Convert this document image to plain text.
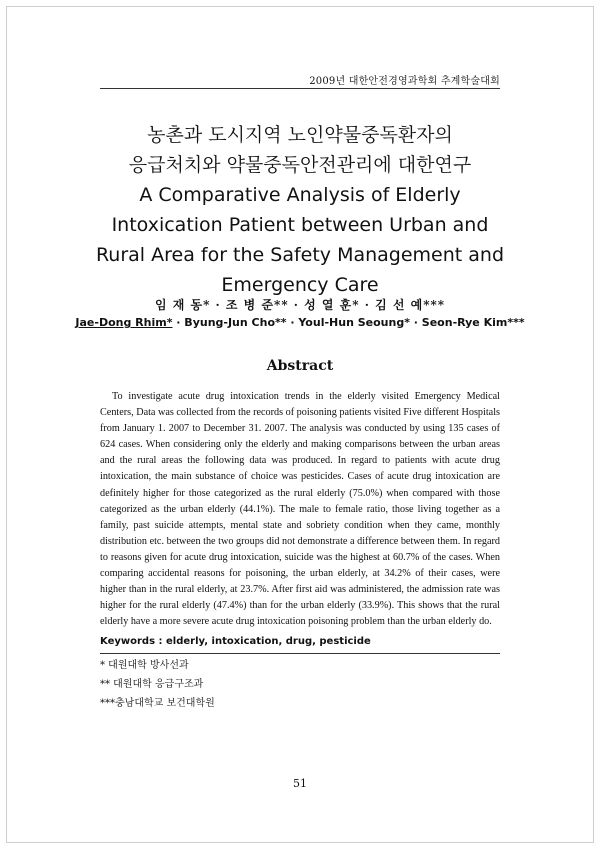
2009년 대한안전경영과학회 추계학술대회

농촌과 도시지역 노인약물중독환자의

응급처치와 약물중독안전관리에 대한연구

A Comparative Analysis of Elderly

Intoxication Patient between Urban and

Rural Area for the Safety Management and

Emergency Care

임 재 동* · 조 병 준** · 성 열 훈* · 김 선 예***
Jae-Dong Rhim* · Byung-Jun Cho** · Youl-Hun Seoung* · Seon-Rye Kim***
Abstract

To investigate acute drug intoxication trends in the elderly visited Emergency Medical Centers, Data was collected from the records of poisoning patients visited Five different Hospitals from January 1. 2007 to December 31. 2007. The analysis was conducted by using 135 cases of 624 cases. When considering only the elderly and making comparisons between the urban areas and the rural areas the following data was produced. In regard to patients with acute drug intoxication, the main substance of choice was pesticides. Cases of acute drug intoxication are definitely higher for those categorized as the rural elderly (75.0%) when compared with those categorized as the urban elderly (44.1%). The male to female ratio, those living together as a family, past suicide attempts, mental state and sobriety condition when they came, monthly distribution etc. between the two groups did not demonstrate a difference between them. In regard to reasons given for acute drug intoxication, suicide was the highest at 60.7% of the cases. When comparing accidental reasons for poisoning, the urban elderly, at 34.2% of their cases, were higher than in the rural elderly, at 23.7%. After first aid was administered, the admission rate was higher for the rural elderly (47.4%) than for the urban elderly (33.9%). This shows that the rural elderly have a more severe acute drug intoxication poisoning problem than the urban elderly do.

Keywords : elderly, intoxication, drug, pesticide
* 대원대학 방사선과
** 대원대학 응급구조과
***충남대학교 보건대학원
51
